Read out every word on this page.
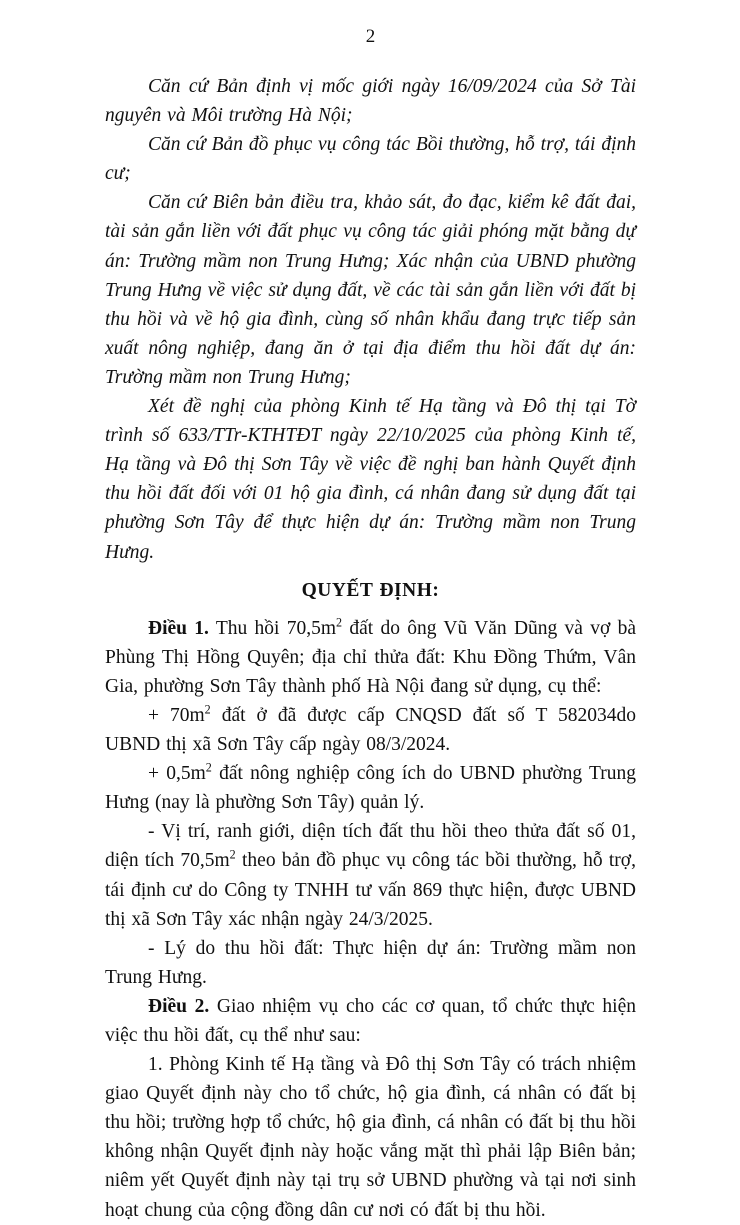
2

Căn cứ Bản định vị mốc giới ngày 16/09/2024 của Sở Tài nguyên và Môi trường Hà Nội;

Căn cứ Bản đồ phục vụ công tác Bồi thường, hỗ trợ, tái định cư;

Căn cứ Biên bản điều tra, khảo sát, đo đạc, kiểm kê đất đai, tài sản gắn liền với đất phục vụ công tác giải phóng mặt bằng dự án: Trường mầm non Trung Hưng; Xác nhận của UBND phường Trung Hưng về việc sử dụng đất, về các tài sản gắn liền với đất bị thu hồi và về hộ gia đình, cùng số nhân khẩu đang trực tiếp sản xuất nông nghiệp, đang ăn ở tại địa điểm thu hồi đất dự án: Trường mầm non Trung Hưng;

Xét đề nghị của phòng Kinh tế Hạ tầng và Đô thị tại Tờ trình số 633/TTr-KTHTĐT ngày 22/10/2025 của phòng Kinh tế, Hạ tầng và Đô thị Sơn Tây về việc đề nghị ban hành Quyết định thu hồi đất đối với 01 hộ gia đình, cá nhân đang sử dụng đất tại phường Sơn Tây để thực hiện dự án: Trường mầm non Trung Hưng.

QUYẾT ĐỊNH:

Điều 1. Thu hồi $70,5m^2$ đất do ông Vũ Văn Dũng và vợ bà Phùng Thị Hồng Quyên; địa chỉ thửa đất: Khu Đồng Thứm, Vân Gia, phường Sơn Tây thành phố Hà Nội đang sử dụng, cụ thể:

+ $70m^2$ đất ở đã được cấp CNQSD đất số T 582034do UBND thị xã Sơn Tây cấp ngày 08/3/2024.

+ $0,5m^2$ đất nông nghiệp công ích do UBND phường Trung Hưng (nay là phường Sơn Tây) quản lý.

- Vị trí, ranh giới, diện tích đất thu hồi theo thửa đất số 01, diện tích $70,5m^2$ theo bản đồ phục vụ công tác bồi thường, hỗ trợ, tái định cư do Công ty TNHH tư vấn 869 thực hiện, được UBND thị xã Sơn Tây xác nhận ngày 24/3/2025.

- Lý do thu hồi đất: Thực hiện dự án: Trường mầm non Trung Hưng.

Điều 2. Giao nhiệm vụ cho các cơ quan, tổ chức thực hiện việc thu hồi đất, cụ thể như sau:

1. Phòng Kinh tế Hạ tầng và Đô thị Sơn Tây có trách nhiệm giao Quyết định này cho tổ chức, hộ gia đình, cá nhân có đất bị thu hồi; trường hợp tổ chức, hộ gia đình, cá nhân có đất bị thu hồi không nhận Quyết định này hoặc vắng mặt thì phải lập Biên bản; niêm yết Quyết định này tại trụ sở UBND phường và tại nơi sinh hoạt chung của cộng đồng dân cư nơi có đất bị thu hồi.
